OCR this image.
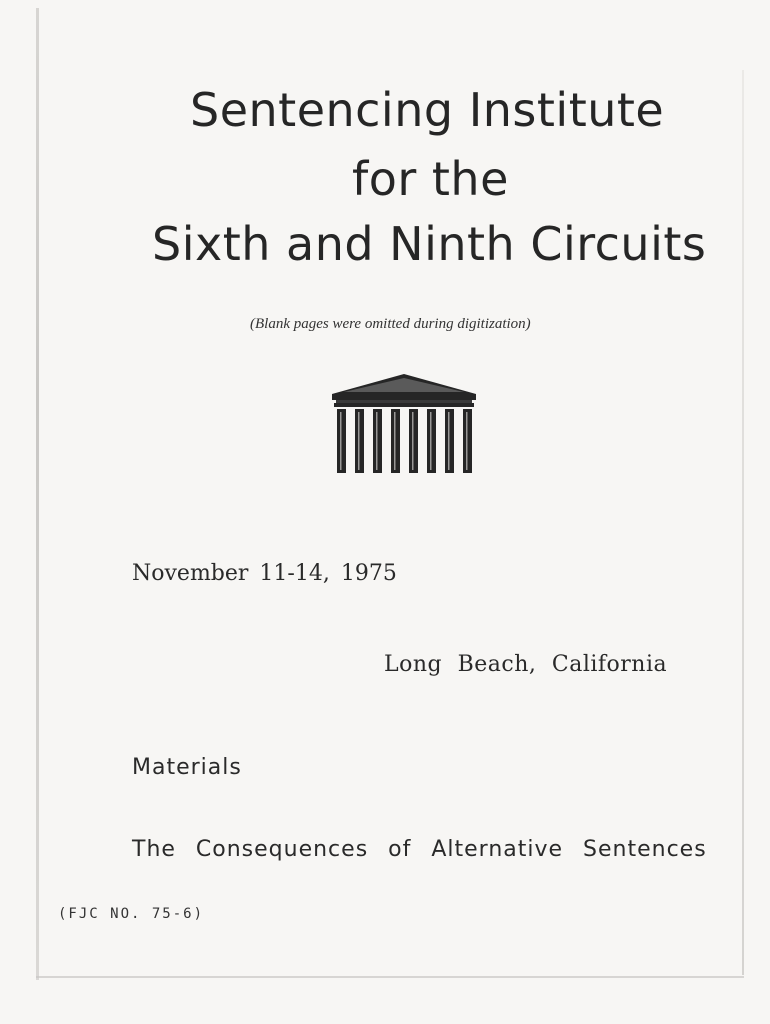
Sentencing Institute
for the
Sixth and Ninth Circuits
(Blank pages were omitted during digitization)
November 11-14, 1975
Long Beach, California
Materials
The Consequences of Alternative Sentences
(FJC NO. 75-6)
